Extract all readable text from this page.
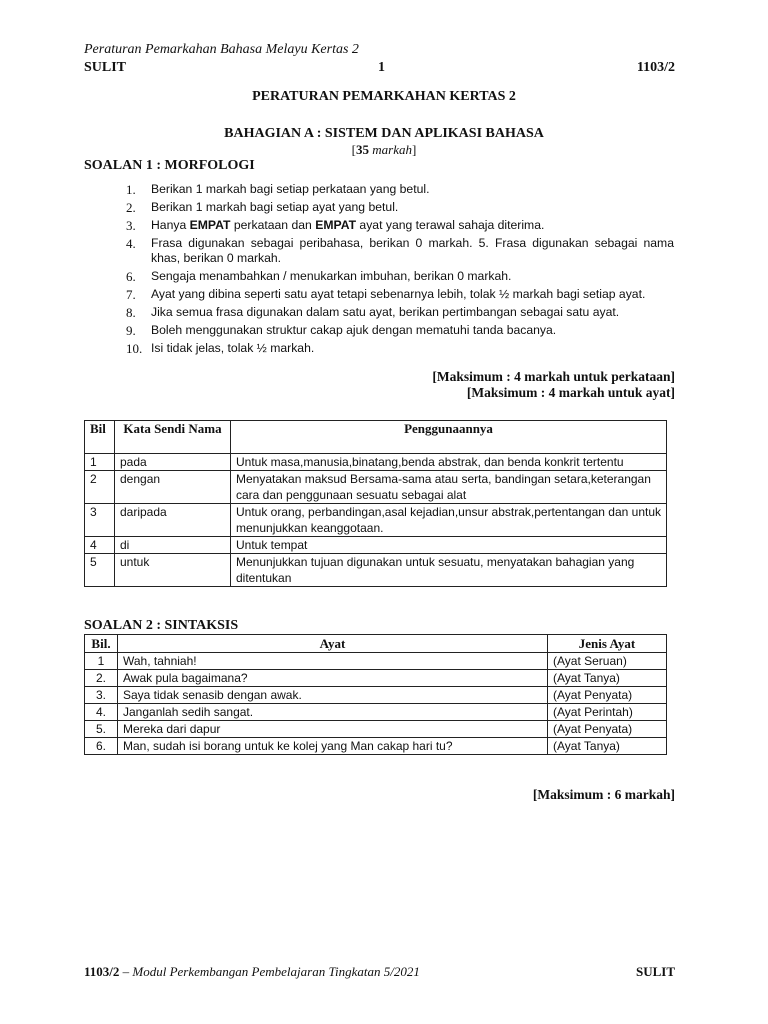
Peraturan Pemarkahan Bahasa Melayu Kertas 2
SULIT	1	1103/2
PERATURAN PEMARKAHAN KERTAS 2
BAHAGIAN A : SISTEM DAN APLIKASI BAHASA
[35 markah]
SOALAN 1 : MORFOLOGI
1. Berikan 1 markah bagi setiap perkataan yang betul.
2. Berikan 1 markah bagi setiap ayat yang betul.
3. Hanya EMPAT perkataan dan EMPAT ayat yang terawal sahaja diterima.
4. Frasa digunakan sebagai peribahasa, berikan 0 markah. 5. Frasa digunakan sebagai nama khas, berikan 0 markah.
6. Sengaja menambahkan / menukarkan imbuhan, berikan 0 markah.
7. Ayat yang dibina seperti satu ayat tetapi sebenarnya lebih, tolak ½ markah bagi setiap ayat.
8. Jika semua frasa digunakan dalam satu ayat, berikan pertimbangan sebagai satu ayat.
9. Boleh menggunakan struktur cakap ajuk dengan mematuhi tanda bacanya.
10. Isi tidak jelas, tolak ½ markah.
[Maksimum : 4 markah untuk perkataan]
[Maksimum : 4 markah untuk ayat]
Bil	Kata Sendi Nama	Penggunaannya
1	pada	Untuk masa,manusia,binatang,benda abstrak, dan benda konkrit tertentu
2	dengan	Menyatakan maksud Bersama-sama atau serta, bandingan setara,keterangan cara dan penggunaan sesuatu sebagai alat
3	daripada	Untuk orang, perbandingan,asal kejadian,unsur abstrak,pertentangan dan untuk menunjukkan keanggotaan.
4	di	Untuk tempat
5	untuk	Menunjukkan tujuan digunakan untuk sesuatu, menyatakan bahagian yang ditentukan
SOALAN 2 : SINTAKSIS
Bil.	Ayat	Jenis Ayat
1	Wah, tahniah!	(Ayat Seruan)
2.	Awak pula bagaimana?	(Ayat Tanya)
3.	Saya tidak senasib dengan awak.	(Ayat Penyata)
4.	Janganlah sedih sangat.	(Ayat Perintah)
5.	Mereka dari dapur	(Ayat Penyata)
6.	Man, sudah isi borang untuk ke kolej yang Man cakap hari tu?	(Ayat Tanya)
[Maksimum : 6 markah]
1103/2 – Modul Perkembangan Pembelajaran Tingkatan 5/2021	SULIT
